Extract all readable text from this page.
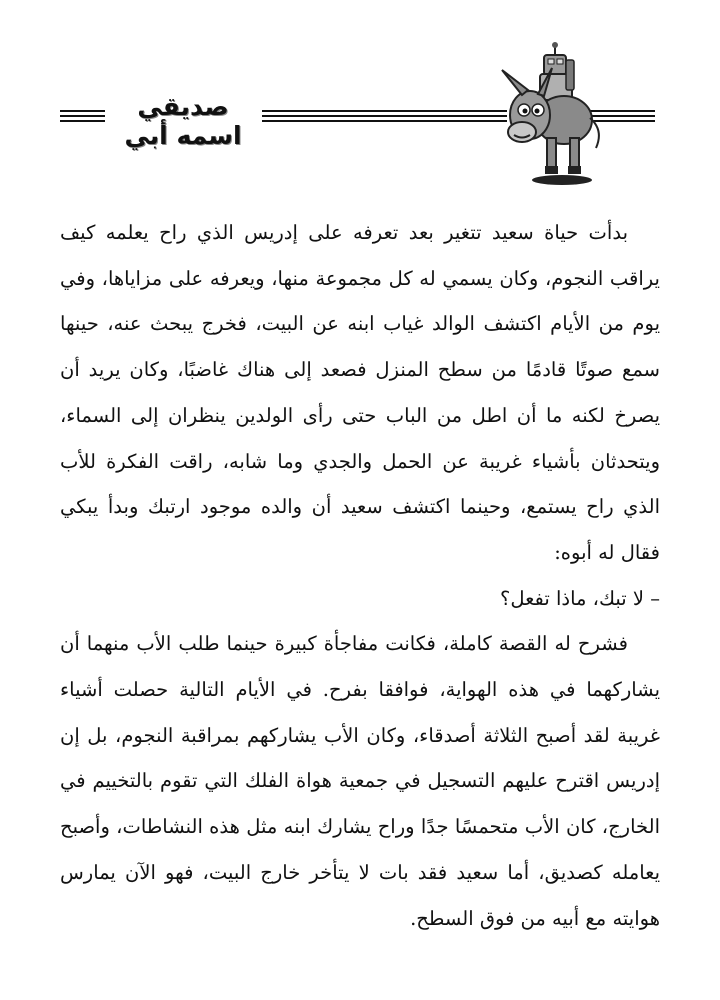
صديقي اسمه أبي

بدأت حياة سعيد تتغير بعد تعرفه على إدريس الذي راح يعلمه كيف يراقب النجوم، وكان يسمي له كل مجموعة منها، ويعرفه على مزاياها، وفي يوم من الأيام اكتشف الوالد غياب ابنه عن البيت، فخرج يبحث عنه، حينها سمع صوتًا قادمًا من سطح المنزل فصعد إلى هناك غاضبًا، وكان يريد أن يصرخ لكنه ما أن اطل من الباب حتى رأى الولدين ينظران إلى السماء، ويتحدثان بأشياء غريبة عن الحمل والجدي وما شابه، راقت الفكرة للأب الذي راح يستمع، وحينما اكتشف سعيد أن والده موجود ارتبك وبدأ يبكي فقال له أبوه:

– لا تبك، ماذا تفعل؟

فشرح له القصة كاملة، فكانت مفاجأة كبيرة حينما طلب الأب منهما أن يشاركهما في هذه الهواية، فوافقا بفرح. في الأيام التالية حصلت أشياء غريبة لقد أصبح الثلاثة أصدقاء، وكان الأب يشاركهم بمراقبة النجوم، بل إن إدريس اقترح عليهم التسجيل في جمعية هواة الفلك التي تقوم بالتخييم في الخارج، كان الأب متحمسًا جدًا وراح يشارك ابنه مثل هذه النشاطات، وأصبح يعامله كصديق، أما سعيد فقد بات لا يتأخر خارج البيت، فهو الآن يمارس هوايته مع أبيه من فوق السطح.
